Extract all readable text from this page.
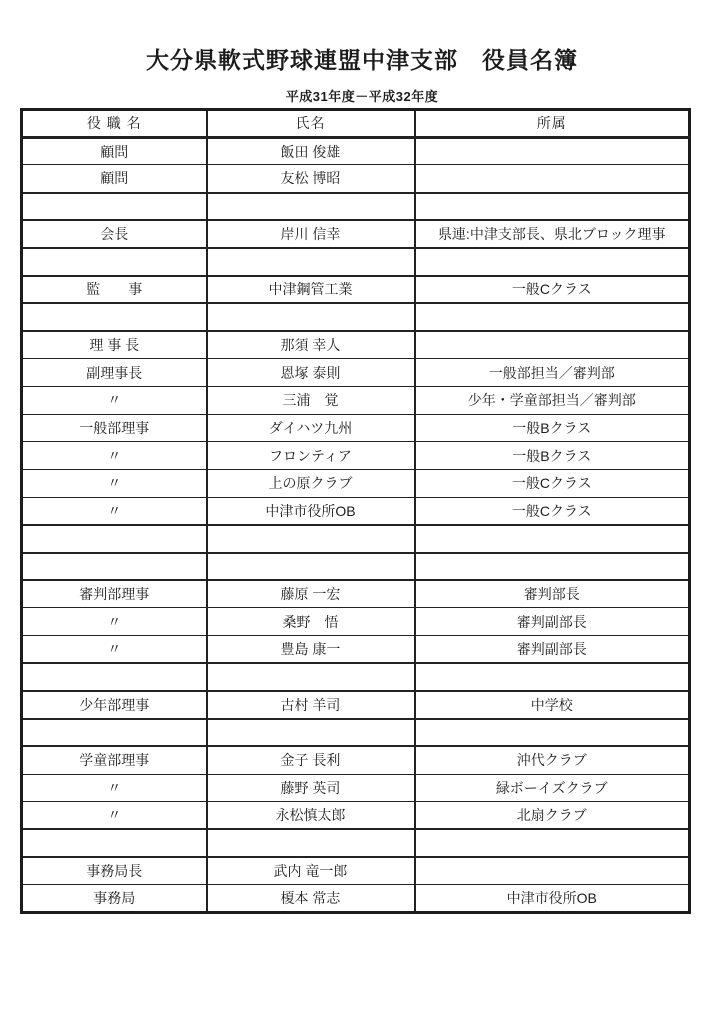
大分県軟式野球連盟中津支部　役員名簿
平成31年度－平成32年度
役 職 名	氏名	所属
顧問	飯田 俊雄	
顧問	友松 博昭	

会長	岸川 信幸	県連:中津支部長、県北ブロック理事

監　　事	中津鋼管工業	一般Cクラス

理 事 長	那須 幸人	
副理事長	恩塚 泰則	一般部担当／審判部
〃	三浦　覚	少年・学童部担当／審判部
一般部理事	ダイハツ九州	一般Bクラス
〃	フロンティア	一般Bクラス
〃	上の原クラブ	一般Cクラス
〃	中津市役所OB	一般Cクラス

審判部理事	藤原 一宏	審判部長
〃	桑野　悟	審判副部長
〃	豊島 康一	審判副部長

少年部理事	古村 羊司	中学校

学童部理事	金子 長利	沖代クラブ
〃	藤野 英司	緑ボーイズクラブ
〃	永松慎太郎	北扇クラブ

事務局長	武内 竜一郎	
事務局	榎本 常志	中津市役所OB
